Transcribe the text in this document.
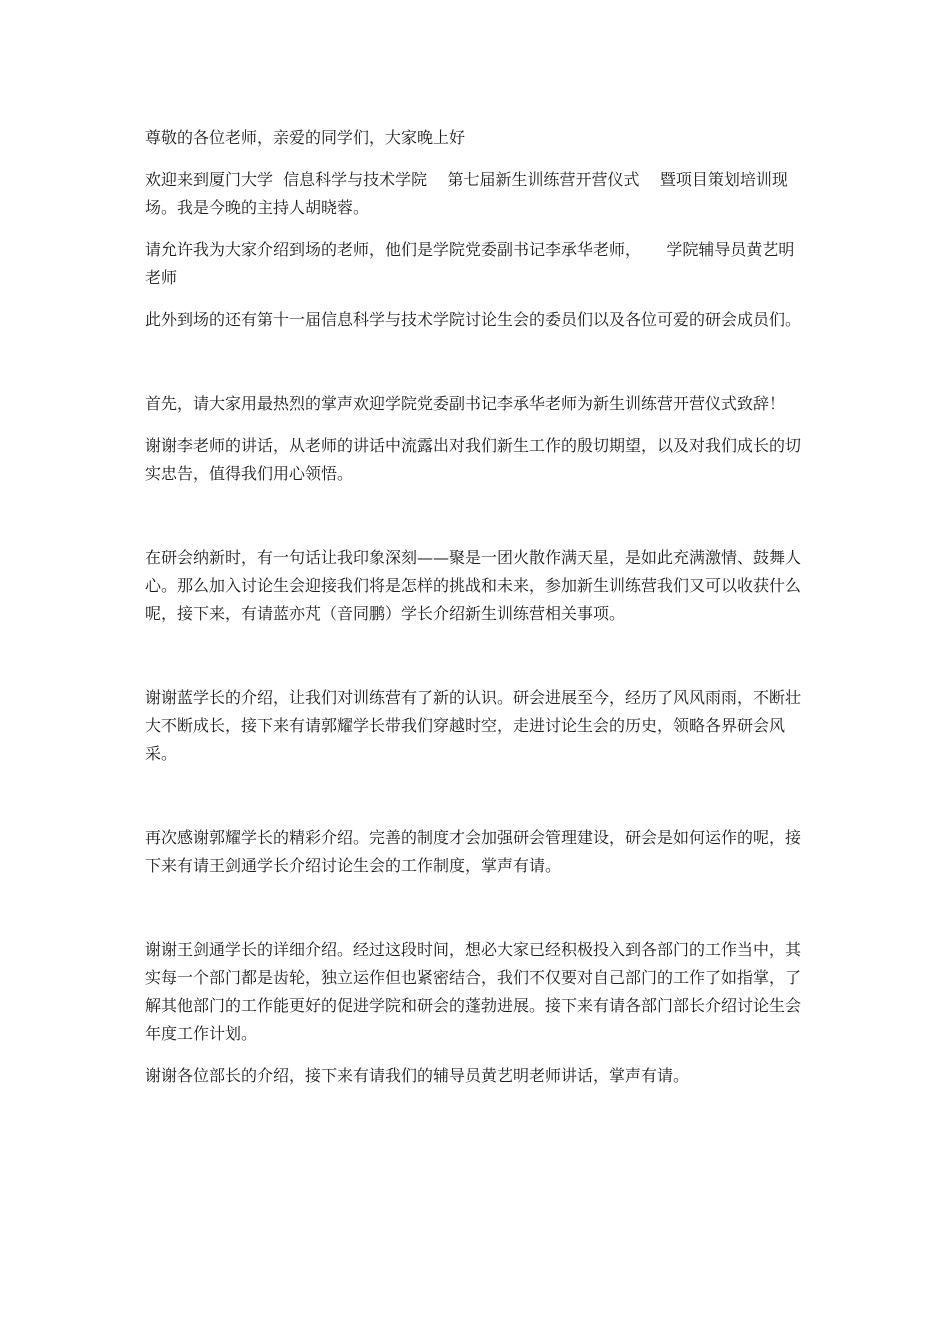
尊敬的各位老师，亲爱的同学们，大家晚上好

欢迎来到厦门大学  信息科学与技术学院    第七届新生训练营开营仪式    暨项目策划培训现场。我是今晚的主持人胡晓蓉。

请允许我为大家介绍到场的老师，他们是学院党委副书记李承华老师，     学院辅导员黄艺明老师

此外到场的还有第十一届信息科学与技术学院讨论生会的委员们以及各位可爱的研会成员们。

首先，请大家用最热烈的掌声欢迎学院党委副书记李承华老师为新生训练营开营仪式致辞！

谢谢李老师的讲话，从老师的讲话中流露出对我们新生工作的殷切期望，以及对我们成长的切实忠告，值得我们用心领悟。

在研会纳新时，有一句话让我印象深刻——聚是一团火散作满天星，是如此充满激情、鼓舞人心。那么加入讨论生会迎接我们将是怎样的挑战和未来，参加新生训练营我们又可以收获什么呢，接下来，有请蓝亦芃（音同鹏）学长介绍新生训练营相关事项。

谢谢蓝学长的介绍，让我们对训练营有了新的认识。研会进展至今，经历了风风雨雨，不断壮大不断成长，接下来有请郭耀学长带我们穿越时空，走进讨论生会的历史，领略各界研会风采。

再次感谢郭耀学长的精彩介绍。完善的制度才会加强研会管理建设，研会是如何运作的呢，接下来有请王剑通学长介绍讨论生会的工作制度，掌声有请。

谢谢王剑通学长的详细介绍。经过这段时间，想必大家已经积极投入到各部门的工作当中，其实每一个部门都是齿轮，独立运作但也紧密结合，我们不仅要对自己部门的工作了如指掌，了解其他部门的工作能更好的促进学院和研会的蓬勃进展。接下来有请各部门部长介绍讨论生会年度工作计划。

谢谢各位部长的介绍，接下来有请我们的辅导员黄艺明老师讲话，掌声有请。
